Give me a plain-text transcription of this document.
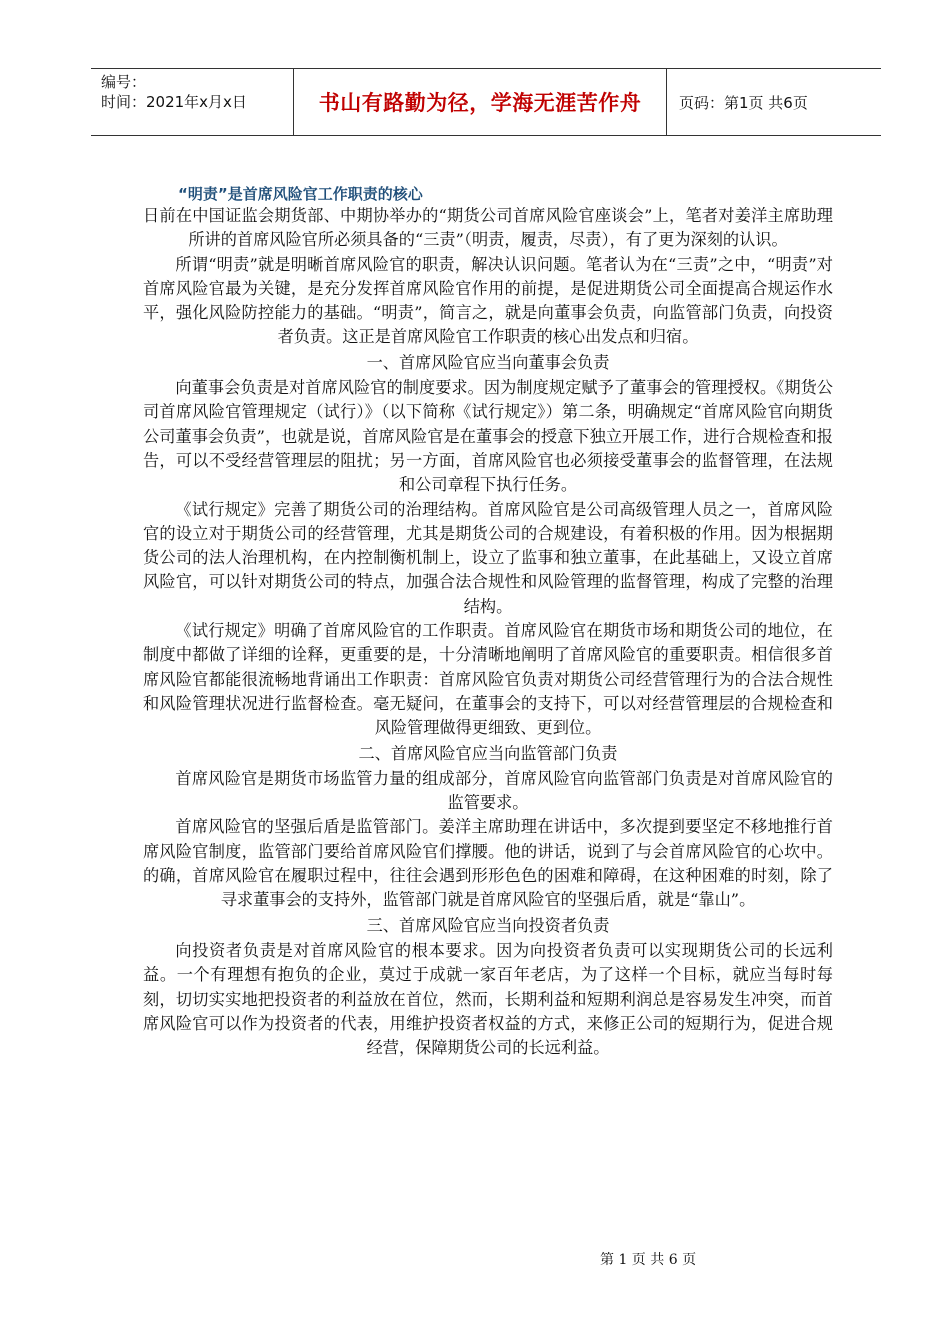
编号：
时间：2021年x月x日	书山有路勤为径，学海无涯苦作舟	页码：第1页 共6页
“明责”是首席风险官工作职责的核心

日前在中国证监会期货部、中期协举办的“期货公司首席风险官座谈会”上，笔者对姜洋主席助理所讲的首席风险官所必须具备的“三责”（明责，履责，尽责），有了更为深刻的认识。

所谓“明责”就是明晰首席风险官的职责，解决认识问题。笔者认为在“三责”之中，“明责”对首席风险官最为关键，是充分发挥首席风险官作用的前提，是促进期货公司全面提高合规运作水平，强化风险防控能力的基础。“明责”，简言之，就是向董事会负责，向监管部门负责，向投资者负责。这正是首席风险官工作职责的核心出发点和归宿。

一、首席风险官应当向董事会负责

向董事会负责是对首席风险官的制度要求。因为制度规定赋予了董事会的管理授权。《期货公司首席风险官管理规定（试行）》（以下简称《试行规定》）第二条，明确规定“首席风险官向期货公司董事会负责”，也就是说，首席风险官是在董事会的授意下独立开展工作，进行合规检查和报告，可以不受经营管理层的阻扰；另一方面，首席风险官也必须接受董事会的监督管理，在法规和公司章程下执行任务。

《试行规定》完善了期货公司的治理结构。首席风险官是公司高级管理人员之一，首席风险官的设立对于期货公司的经营管理，尤其是期货公司的合规建设，有着积极的作用。因为根据期货公司的法人治理机构，在内控制衡机制上，设立了监事和独立董事，在此基础上，又设立首席风险官，可以针对期货公司的特点，加强合法合规性和风险管理的监督管理，构成了完整的治理结构。

《试行规定》明确了首席风险官的工作职责。首席风险官在期货市场和期货公司的地位，在制度中都做了详细的诠释，更重要的是，十分清晰地阐明了首席风险官的重要职责。相信很多首席风险官都能很流畅地背诵出工作职责：首席风险官负责对期货公司经营管理行为的合法合规性和风险管理状况进行监督检查。毫无疑问，在董事会的支持下，可以对经营管理层的合规检查和风险管理做得更细致、更到位。

二、首席风险官应当向监管部门负责

首席风险官是期货市场监管力量的组成部分，首席风险官向监管部门负责是对首席风险官的监管要求。

首席风险官的坚强后盾是监管部门。姜洋主席助理在讲话中，多次提到要坚定不移地推行首席风险官制度，监管部门要给首席风险官们撑腰。他的讲话，说到了与会首席风险官的心坎中。的确，首席风险官在履职过程中，往往会遇到形形色色的困难和障碍，在这种困难的时刻，除了寻求董事会的支持外，监管部门就是首席风险官的坚强后盾，就是“靠山”。

三、首席风险官应当向投资者负责

向投资者负责是对首席风险官的根本要求。因为向投资者负责可以实现期货公司的长远利益。一个有理想有抱负的企业，莫过于成就一家百年老店，为了这样一个目标，就应当每时每刻，切切实实地把投资者的利益放在首位，然而，长期利益和短期利润总是容易发生冲突，而首席风险官可以作为投资者的代表，用维护投资者权益的方式，来修正公司的短期行为，促进合规经营，保障期货公司的长远利益。

第 1 页 共 6 页
